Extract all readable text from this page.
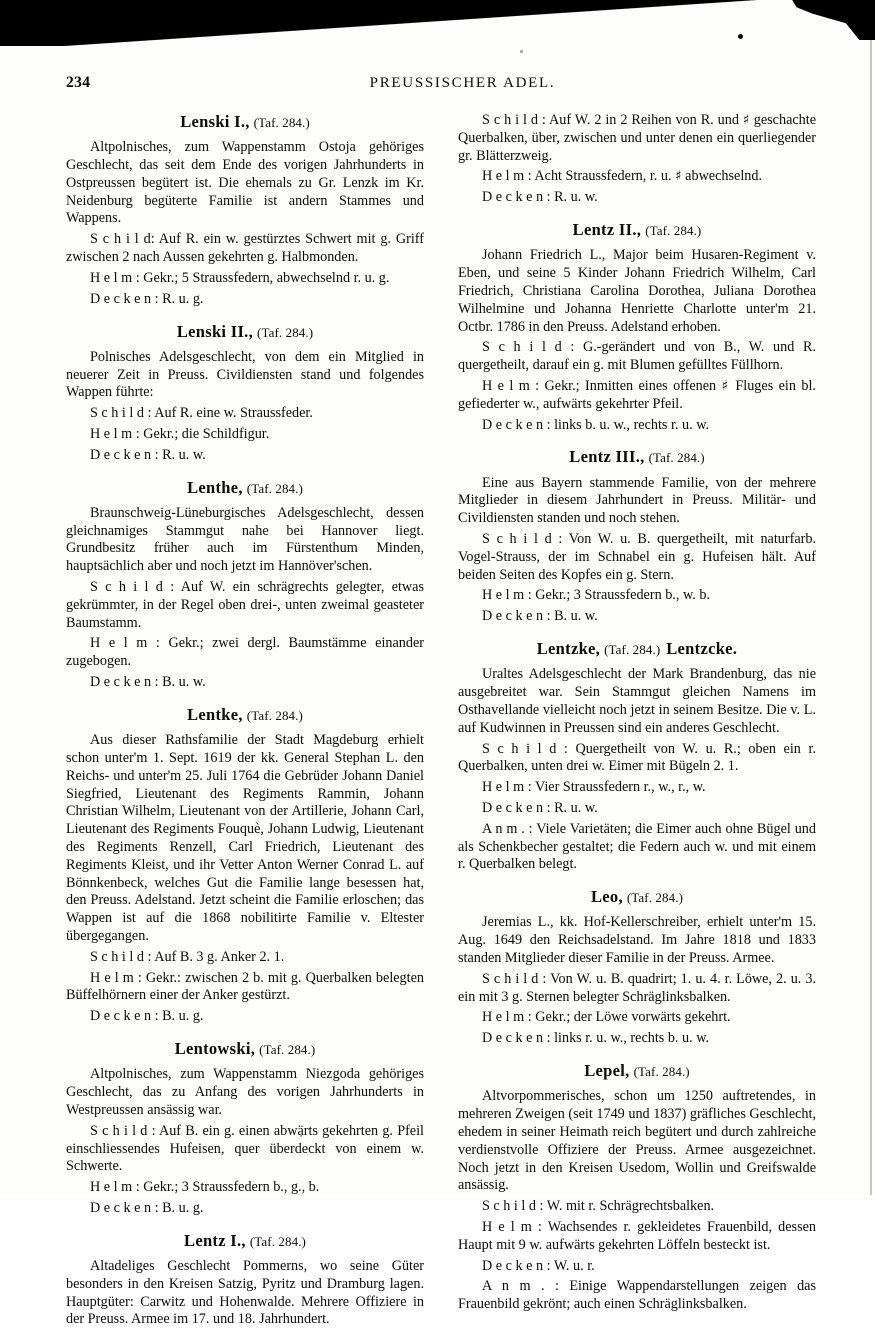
234	PREUSSISCHER ADEL.
Lenski I., (Taf. 284.)

Altpolnisches, zum Wappenstamm Ostoja gehöriges Geschlecht, das seit dem Ende des vorigen Jahrhunderts in Ostpreussen begütert ist. Die ehemals zu Gr. Lenzk im Kr. Neidenburg begüterte Familie ist andern Stammes und Wappens.

S c h i l d: Auf R. ein w. gestürztes Schwert mit g. Griff zwischen 2 nach Aussen gekehrten g. Halbmonden.

H e l m : Gekr.; 5 Straussfedern, abwechselnd r. u. g.

D e c k e n : R. u. g.

Lenski II., (Taf. 284.)

Polnisches Adelsgeschlecht, von dem ein Mitglied in neuerer Zeit in Preuss. Civildiensten stand und folgendes Wappen führte:

S c h i l d : Auf R. eine w. Straussfeder.

H e l m : Gekr.; die Schildfigur.

D e c k e n : R. u. w.

Lenthe, (Taf. 284.)

Braunschweig-Lüneburgisches Adelsgeschlecht, dessen gleichnamiges Stammgut nahe bei Hannover liegt. Grundbesitz früher auch im Fürstenthum Minden, hauptsächlich aber und noch jetzt im Hannöver'schen.

S c h i l d : Auf W. ein schrägrechts gelegter, etwas gekrümmter, in der Regel oben drei-, unten zweimal geasteter Baumstamm.

H e l m : Gekr.; zwei dergl. Baumstämme einander zugebogen.

D e c k e n : B. u. w.

Lentke, (Taf. 284.)

Aus dieser Rathsfamilie der Stadt Magdeburg erhielt schon unter'm 1. Sept. 1619 der kk. General Stephan L. den Reichs- und unter'm 25. Juli 1764 die Gebrüder Johann Daniel Siegfried, Lieutenant des Regiments Rammin, Johann Christian Wilhelm, Lieutenant von der Artillerie, Johann Carl, Lieutenant des Regiments Fouquè, Johann Ludwig, Lieutenant des Regiments Renzell, Carl Friedrich, Lieutenant des Regiments Kleist, und ihr Vetter Anton Werner Conrad L. auf Bönnkenbeck, welches Gut die Familie lange besessen hat, den Preuss. Adelstand. Jetzt scheint die Familie erloschen; das Wappen ist auf die 1868 nobilitirte Familie v. Eltester übergegangen.

S c h i l d : Auf B. 3 g. Anker 2. 1.

H e l m : Gekr.: zwischen 2 b. mit g. Querbalken belegten Büffelhörnern einer der Anker gestürzt.

D e c k e n : B. u. g.

Lentowski, (Taf. 284.)

Altpolnisches, zum Wappenstamm Niezgoda gehöriges Geschlecht, das zu Anfang des vorigen Jahrhunderts in Westpreussen ansässig war.

S c h i l d : Auf B. ein g. einen abwärts gekehrten g. Pfeil einschliessendes Hufeisen, quer überdeckt von einem w. Schwerte.

H e l m : Gekr.; 3 Straussfedern b., g., b.

D e c k e n : B. u. g.

Lentz I., (Taf. 284.)

Altadeliges Geschlecht Pommerns, wo seine Güter besonders in den Kreisen Satzig, Pyritz und Dramburg lagen. Hauptgüter: Carwitz und Hohenwalde. Mehrere Offiziere in der Preuss. Armee im 17. und 18. Jahrhundert.

S c h i l d : Auf W. 2 in 2 Reihen von R. und ♯ geschachte Querbalken, über, zwischen und unter denen ein querliegender gr. Blätterzweig.

H e l m : Acht Straussfedern, r. u. ♯ abwechselnd.

D e c k e n : R. u. w.

Lentz II., (Taf. 284.)

Johann Friedrich L., Major beim Husaren-Regiment v. Eben, und seine 5 Kinder Johann Friedrich Wilhelm, Carl Friedrich, Christiana Carolina Dorothea, Juliana Dorothea Wilhelmine und Johanna Henriette Charlotte unter'm 21. Octbr. 1786 in den Preuss. Adelstand erhoben.

S c h i l d : G.-gerändert und von B., W. und R. quergetheilt, darauf ein g. mit Blumen gefülltes Füllhorn.

H e l m : Gekr.; Inmitten eines offenen ♯ Fluges ein bl. gefiederter w., aufwärts gekehrter Pfeil.

D e c k e n : links b. u. w., rechts r. u. w.

Lentz III., (Taf. 284.)

Eine aus Bayern stammende Familie, von der mehrere Mitglieder in diesem Jahrhundert in Preuss. Militär- und Civildiensten standen und noch stehen.

S c h i l d : Von W. u. B. quergetheilt, mit naturfarb. Vogel-Strauss, der im Schnabel ein g. Hufeisen hält. Auf beiden Seiten des Kopfes ein g. Stern.

H e l m : Gekr.; 3 Straussfedern b., w. b.

D e c k e n : B. u. w.

Lentzke, (Taf. 284.) Lentzcke.

Uraltes Adelsgeschlecht der Mark Brandenburg, das nie ausgebreitet war. Sein Stammgut gleichen Namens im Osthavellande vielleicht noch jetzt in seinem Besitze. Die v. L. auf Kudwinnen in Preussen sind ein anderes Geschlecht.

S c h i l d : Quergetheilt von W. u. R.; oben ein r. Querbalken, unten drei w. Eimer mit Bügeln 2. 1.

H e l m : Vier Straussfedern r., w., r., w.

D e c k e n : R. u. w.

A n m . : Viele Varietäten; die Eimer auch ohne Bügel und als Schenkbecher gestaltet; die Federn auch w. und mit einem r. Querbalken belegt.

Leo, (Taf. 284.)

Jeremias L., kk. Hof-Kellerschreiber, erhielt unter'm 15. Aug. 1649 den Reichsadelstand. Im Jahre 1818 und 1833 standen Mitglieder dieser Familie in der Preuss. Armee.

S c h i l d : Von W. u. B. quadrirt; 1. u. 4. r. Löwe, 2. u. 3. ein mit 3 g. Sternen belegter Schräglinksbalken.

H e l m : Gekr.; der Löwe vorwärts gekehrt.

D e c k e n : links r. u. w., rechts b. u. w.

Lepel, (Taf. 284.)

Altvorpommerisches, schon um 1250 auftretendes, in mehreren Zweigen (seit 1749 und 1837) gräfliches Geschlecht, ehedem in seiner Heimath reich begütert und durch zahlreiche verdienstvolle Offiziere der Preuss. Armee ausgezeichnet. Noch jetzt in den Kreisen Usedom, Wollin und Greifswalde ansässig.

S c h i l d : W. mit r. Schrägrechtsbalken.

H e l m : Wachsendes r. gekleidetes Frauenbild, dessen Haupt mit 9 w. aufwärts gekehrten Löffeln besteckt ist.

D e c k e n : W. u. r.

A n m . : Einige Wappendarstellungen zeigen das Frauenbild gekrönt; auch einen Schräglinksbalken.
